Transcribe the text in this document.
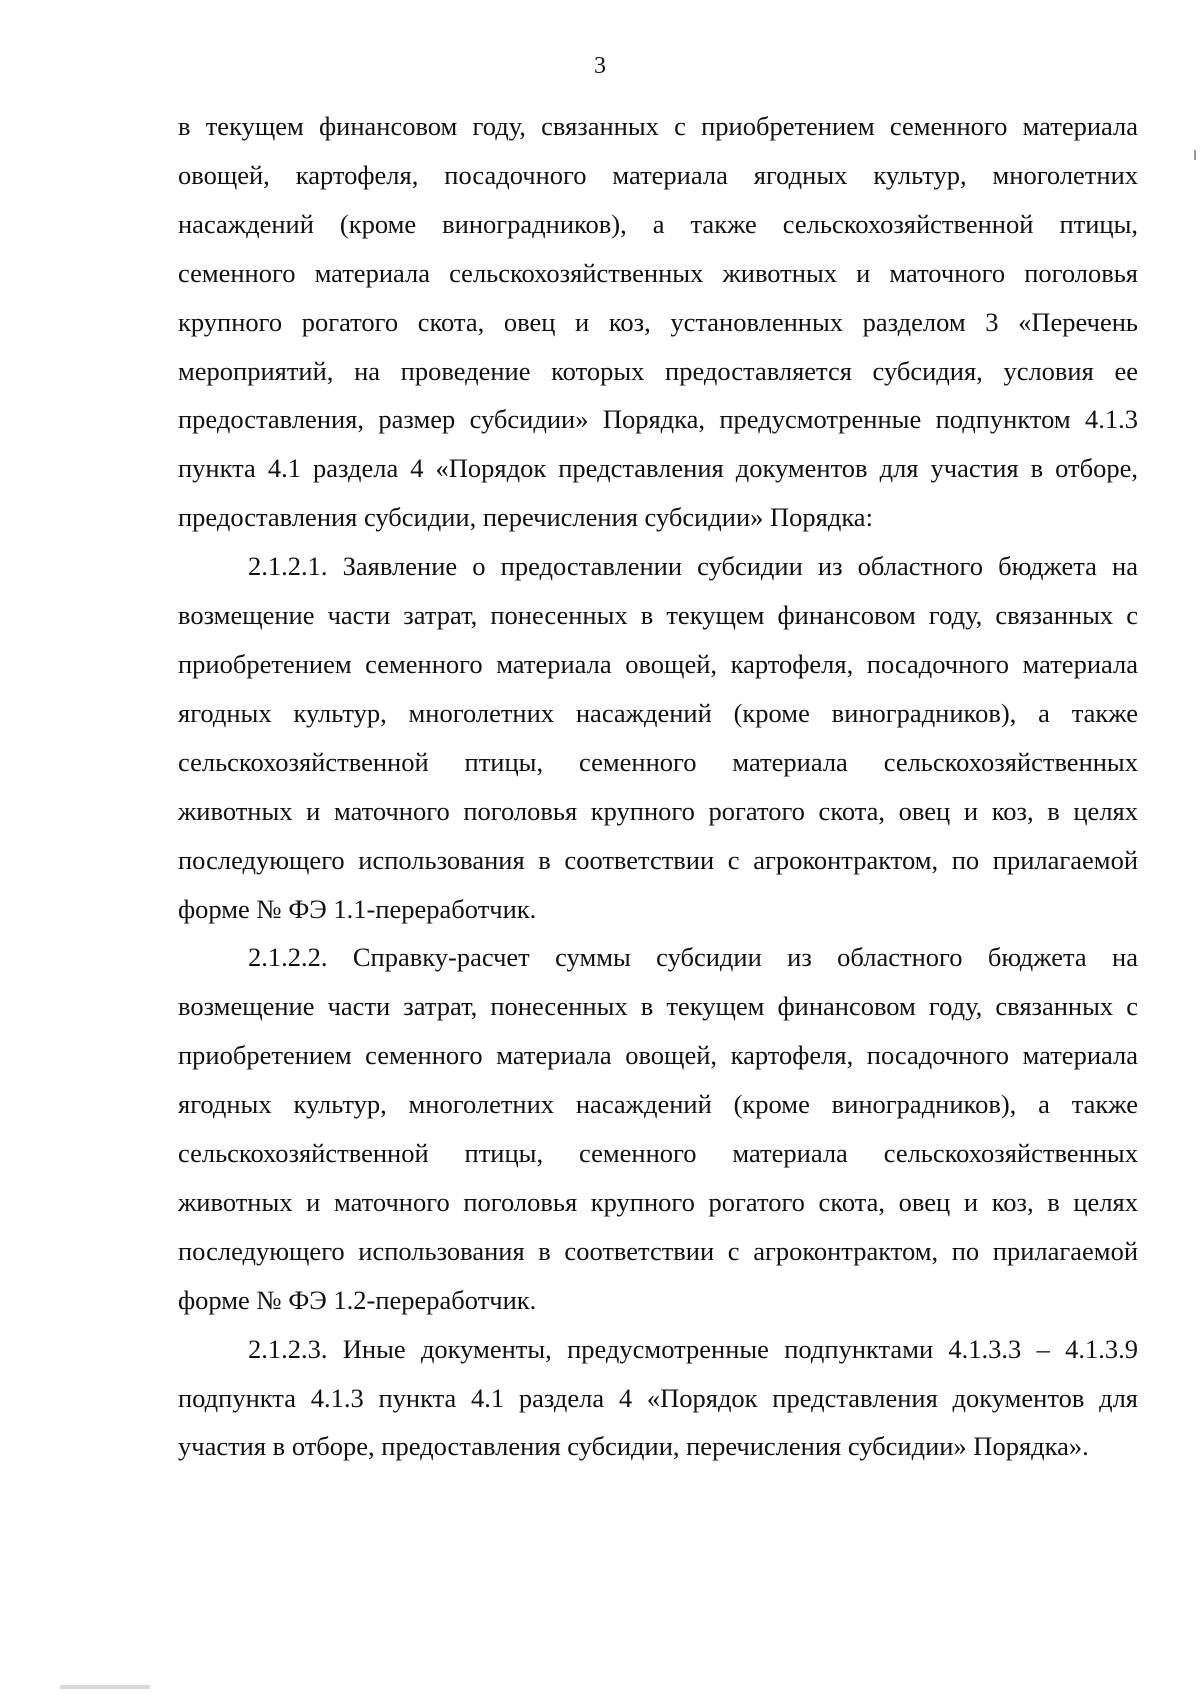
3

в текущем финансовом году, связанных с приобретением семенного материала овощей, картофеля, посадочного материала ягодных культур, многолетних насаждений (кроме виноградников), а также сельскохозяйственной птицы, семенного материала сельскохозяйственных животных и маточного поголовья крупного рогатого скота, овец и коз, установленных разделом 3 «Перечень мероприятий, на проведение которых предоставляется субсидия, условия ее предоставления, размер субсидии» Порядка, предусмотренные подпунктом 4.1.3 пункта 4.1 раздела 4 «Порядок представления документов для участия в отборе, предоставления субсидии, перечисления субсидии» Порядка:

2.1.2.1. Заявление о предоставлении субсидии из областного бюджета на возмещение части затрат, понесенных в текущем финансовом году, связанных с приобретением семенного материала овощей, картофеля, посадочного материала ягодных культур, многолетних насаждений (кроме виноградников), а также сельскохозяйственной птицы, семенного материала сельскохозяйственных животных и маточного поголовья крупного рогатого скота, овец и коз, в целях последующего использования в соответствии с агроконтрактом, по прилагаемой форме № ФЭ 1.1-переработчик.

2.1.2.2. Справку-расчет суммы субсидии из областного бюджета на возмещение части затрат, понесенных в текущем финансовом году, связанных с приобретением семенного материала овощей, картофеля, посадочного материала ягодных культур, многолетних насаждений (кроме виноградников), а также сельскохозяйственной птицы, семенного материала сельскохозяйственных животных и маточного поголовья крупного рогатого скота, овец и коз, в целях последующего использования в соответствии с агроконтрактом, по прилагаемой форме № ФЭ 1.2-переработчик.

2.1.2.3. Иные документы, предусмотренные подпунктами 4.1.3.3 – 4.1.3.9 подпункта 4.1.3 пункта 4.1 раздела 4 «Порядок представления документов для участия в отборе, предоставления субсидии, перечисления субсидии» Порядка».
